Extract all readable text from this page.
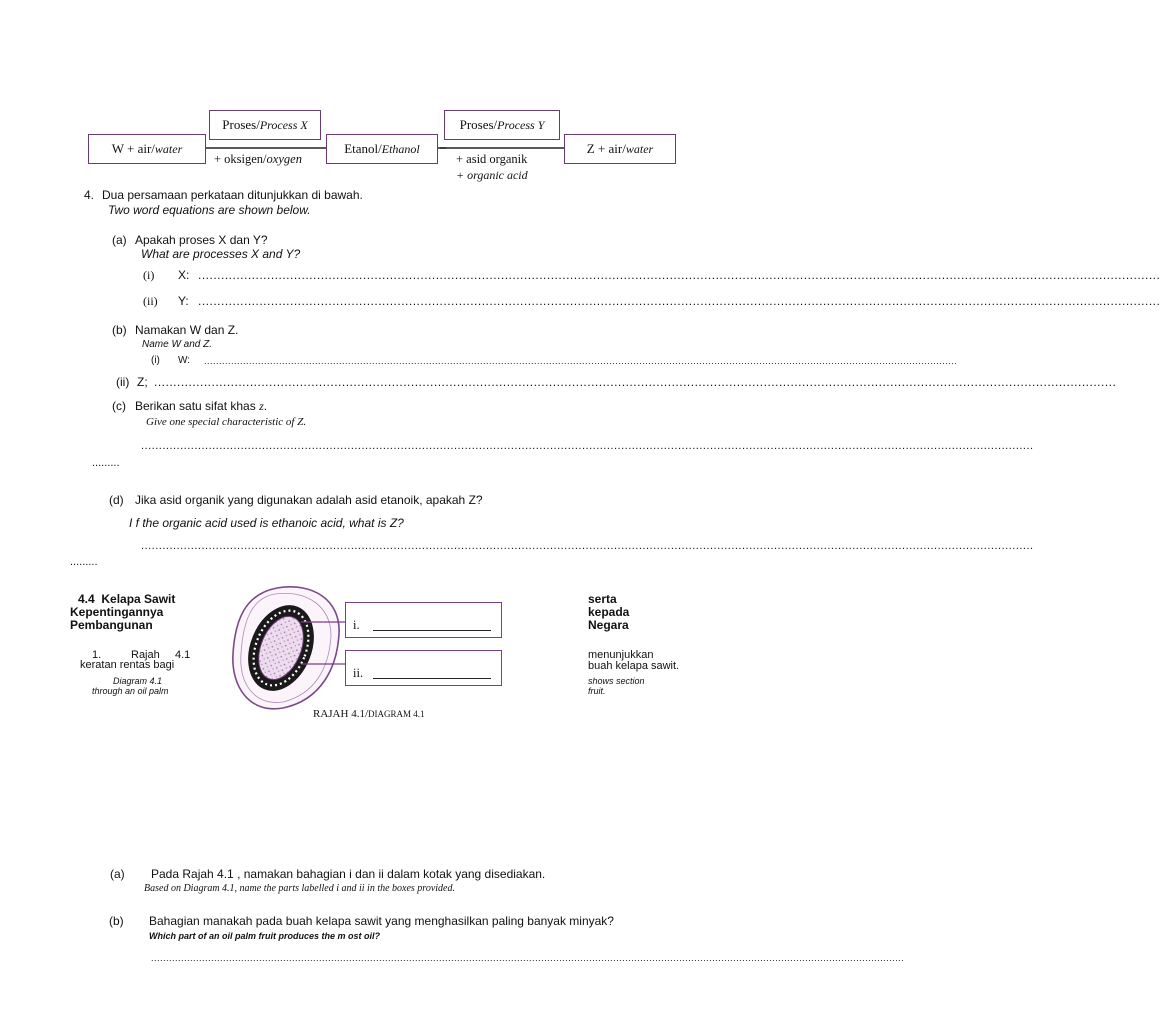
W + air/ water
Proses/ Process X
Etanol/ Ethanol
Proses/ Process Y
Z + air/ water
+ oksigen/oxygen	+ asid organik
+ organic acid
4. Dua persamaan perkataan ditunjukkan di bawah.
Two word equations are shown below.
(a) Apakah proses X dan Y?
What are processes X and Y?
(i) X: ...........................................................................................................................................................................................................................................................
(ii) Y: ...........................................................................................................................................................................................................................................................
(b) Namakan W dan Z.
Name W and Z.
(i) W: ...........................................................................................................................................................................................................................................................
(ii) Z; ...........................................................................................................................................................................................................................................................
(c) Berikan satu sifat khas z.
Give one special characteristic of Z.
...........................................................................................................................................................................................................................................................
.........
(d) Jika asid organik yang digunakan adalah asid etanoik, apakah Z?
I f the organic acid used is ethanoic acid, what is Z?
...........................................................................................................................................................................................................................................................
.........
4.4 Kelapa Sawit
Kepentingannya
Pembangunan
serta
kepada
Negara
1.	Rajah 4.1
keratan rentas bagi
menunjukkan
buah kelapa sawit.
Diagram 4.1
through an oil palm
shows section
fruit.
i.
ii.
RAJAH 4.1/DIAGRAM 4.1
(a) Pada Rajah 4.1 , namakan bahagian i dan ii dalam kotak yang disediakan.
Based on Diagram 4.1, name the parts labelled i and ii in the boxes provided.
(b) Bahagian manakah pada buah kelapa sawit yang menghasilkan paling banyak minyak?
Which part of an oil palm fruit produces the m ost oil?
...........................................................................................................................................................................................................................................................
